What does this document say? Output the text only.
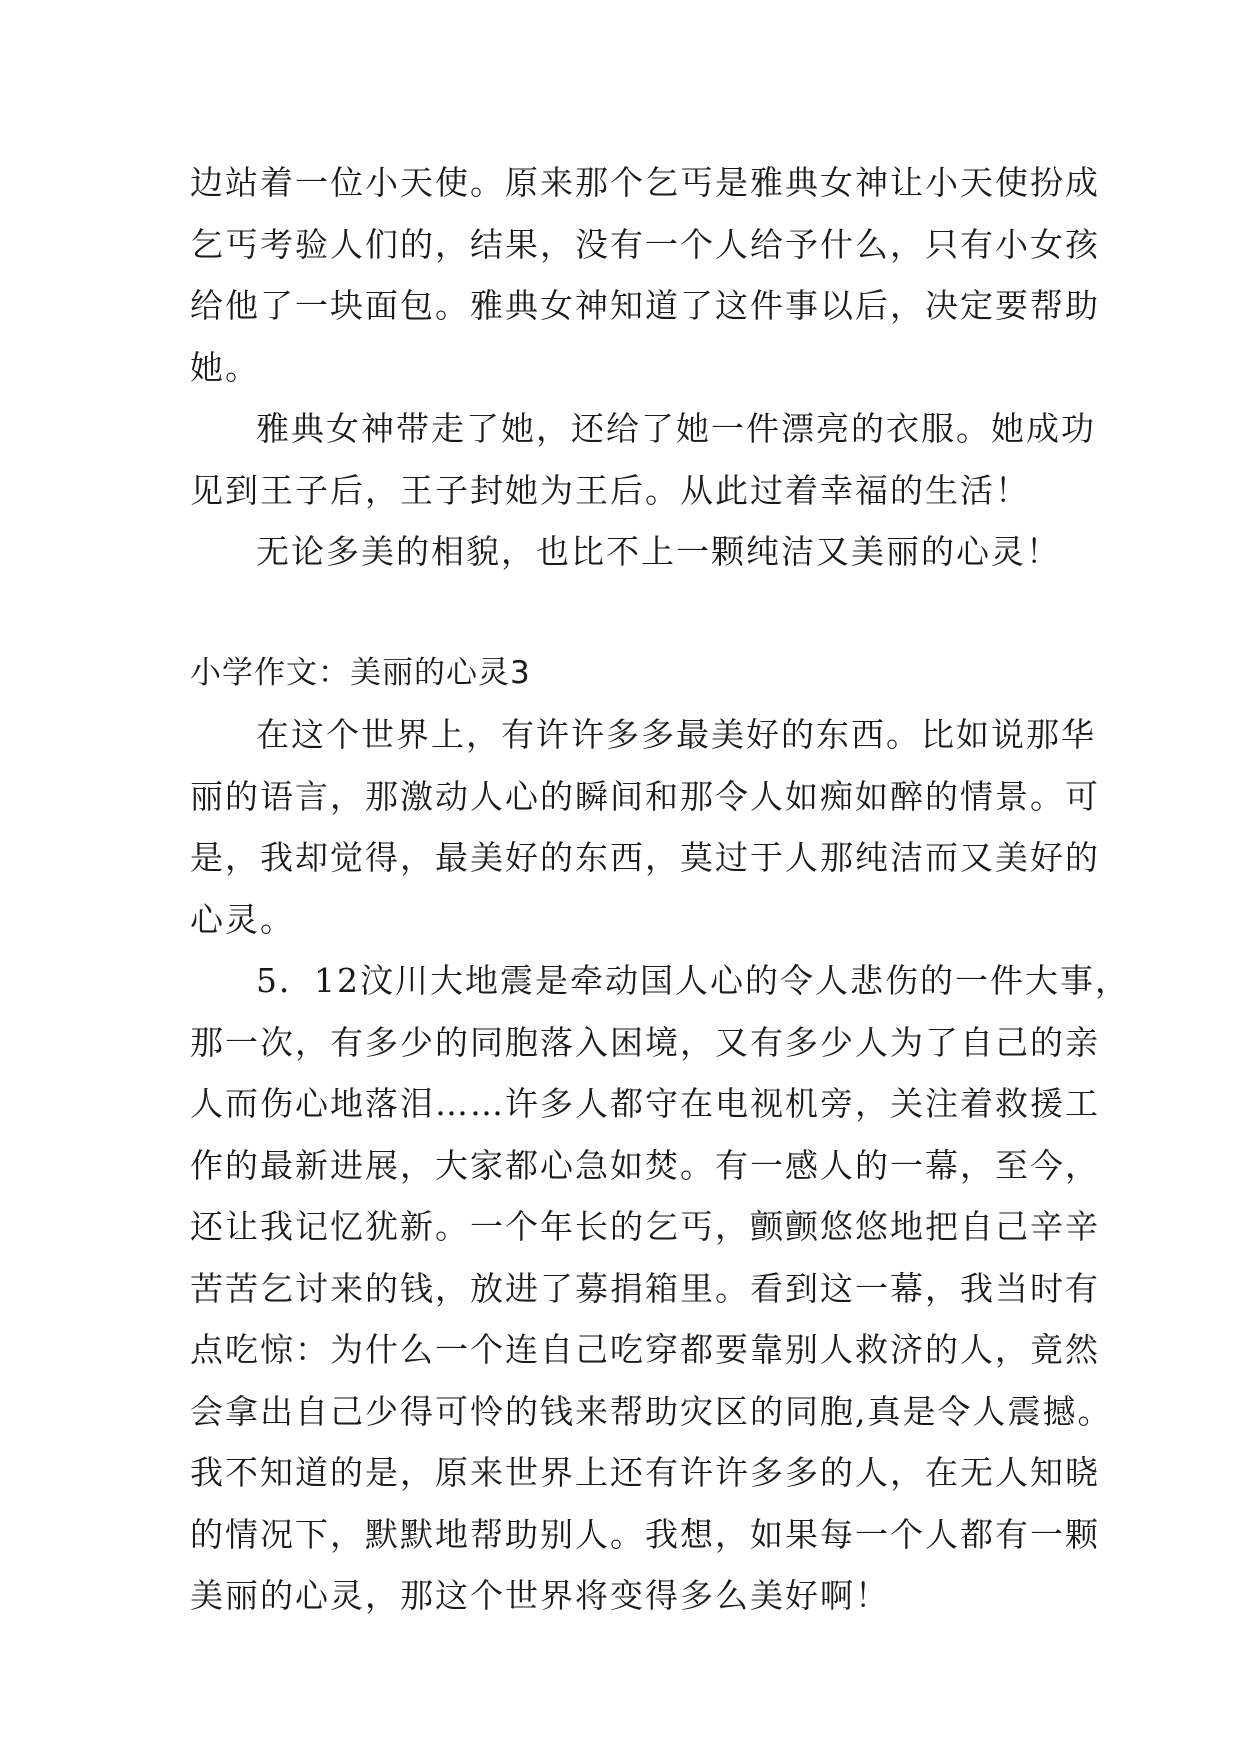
边站着一位小天使。原来那个乞丐是雅典女神让小天使扮成
乞丐考验人们的，结果，没有一个人给予什么，只有小女孩
给他了一块面包。雅典女神知道了这件事以后，决定要帮助
她。
雅典女神带走了她，还给了她一件漂亮的衣服。她成功
见到王子后，王子封她为王后。从此过着幸福的生活！
无论多美的相貌，也比不上一颗纯洁又美丽的心灵！
小学作文：美丽的心灵3
在这个世界上，有许许多多最美好的东西。比如说那华
丽的语言，那激动人心的瞬间和那令人如痴如醉的情景。可
是，我却觉得，最美好的东西，莫过于人那纯洁而又美好的
心灵。
5．12汶川大地震是牵动国人心的令人悲伤的一件大事，
那一次，有多少的同胞落入困境，又有多少人为了自己的亲
人而伤心地落泪……许多人都守在电视机旁，关注着救援工
作的最新进展，大家都心急如焚。有一感人的一幕，至今，
还让我记忆犹新。一个年长的乞丐，颤颤悠悠地把自己辛辛
苦苦乞讨来的钱，放进了募捐箱里。看到这一幕，我当时有
点吃惊：为什么一个连自己吃穿都要靠别人救济的人，竟然
会拿出自己少得可怜的钱来帮助灾区的同胞,真是令人震撼。
我不知道的是，原来世界上还有许许多多的人，在无人知晓
的情况下，默默地帮助别人。我想，如果每一个人都有一颗
美丽的心灵，那这个世界将变得多么美好啊！
